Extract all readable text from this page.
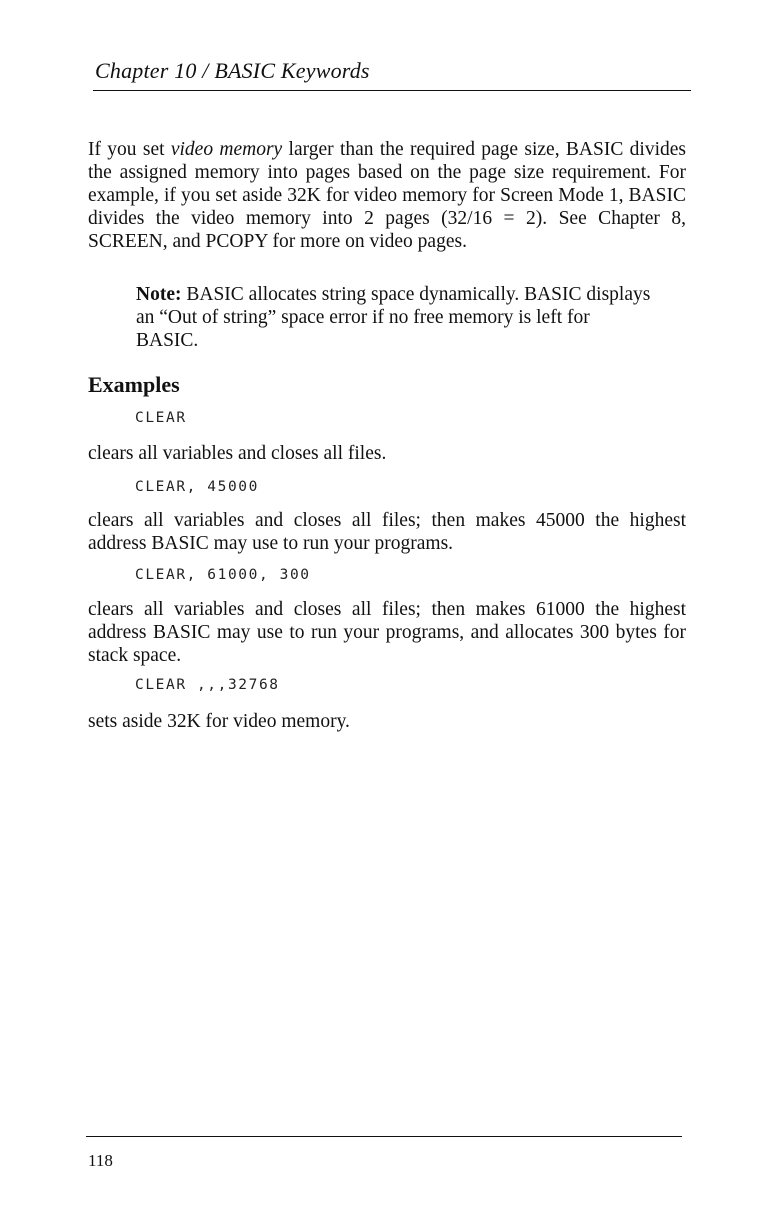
Chapter 10 / BASIC Keywords
If you set video memory larger than the required page size, BASIC divides the assigned memory into pages based on the page size requirement. For example, if you set aside 32K for video memory for Screen Mode 1, BASIC divides the video memory into 2 pages (32/16 = 2). See Chapter 8, SCREEN, and PCOPY for more on video pages.
Note: BASIC allocates string space dynamically. BASIC displays an “Out of string” space error if no free memory is left for BASIC.
Examples
CLEAR
clears all variables and closes all files.
CLEAR, 45000
clears all variables and closes all files; then makes 45000 the highest address BASIC may use to run your programs.
CLEAR, 61000, 300
clears all variables and closes all files; then makes 61000 the highest address BASIC may use to run your programs, and allocates 300 bytes for stack space.
CLEAR ,,,32768
sets aside 32K for video memory.
118
